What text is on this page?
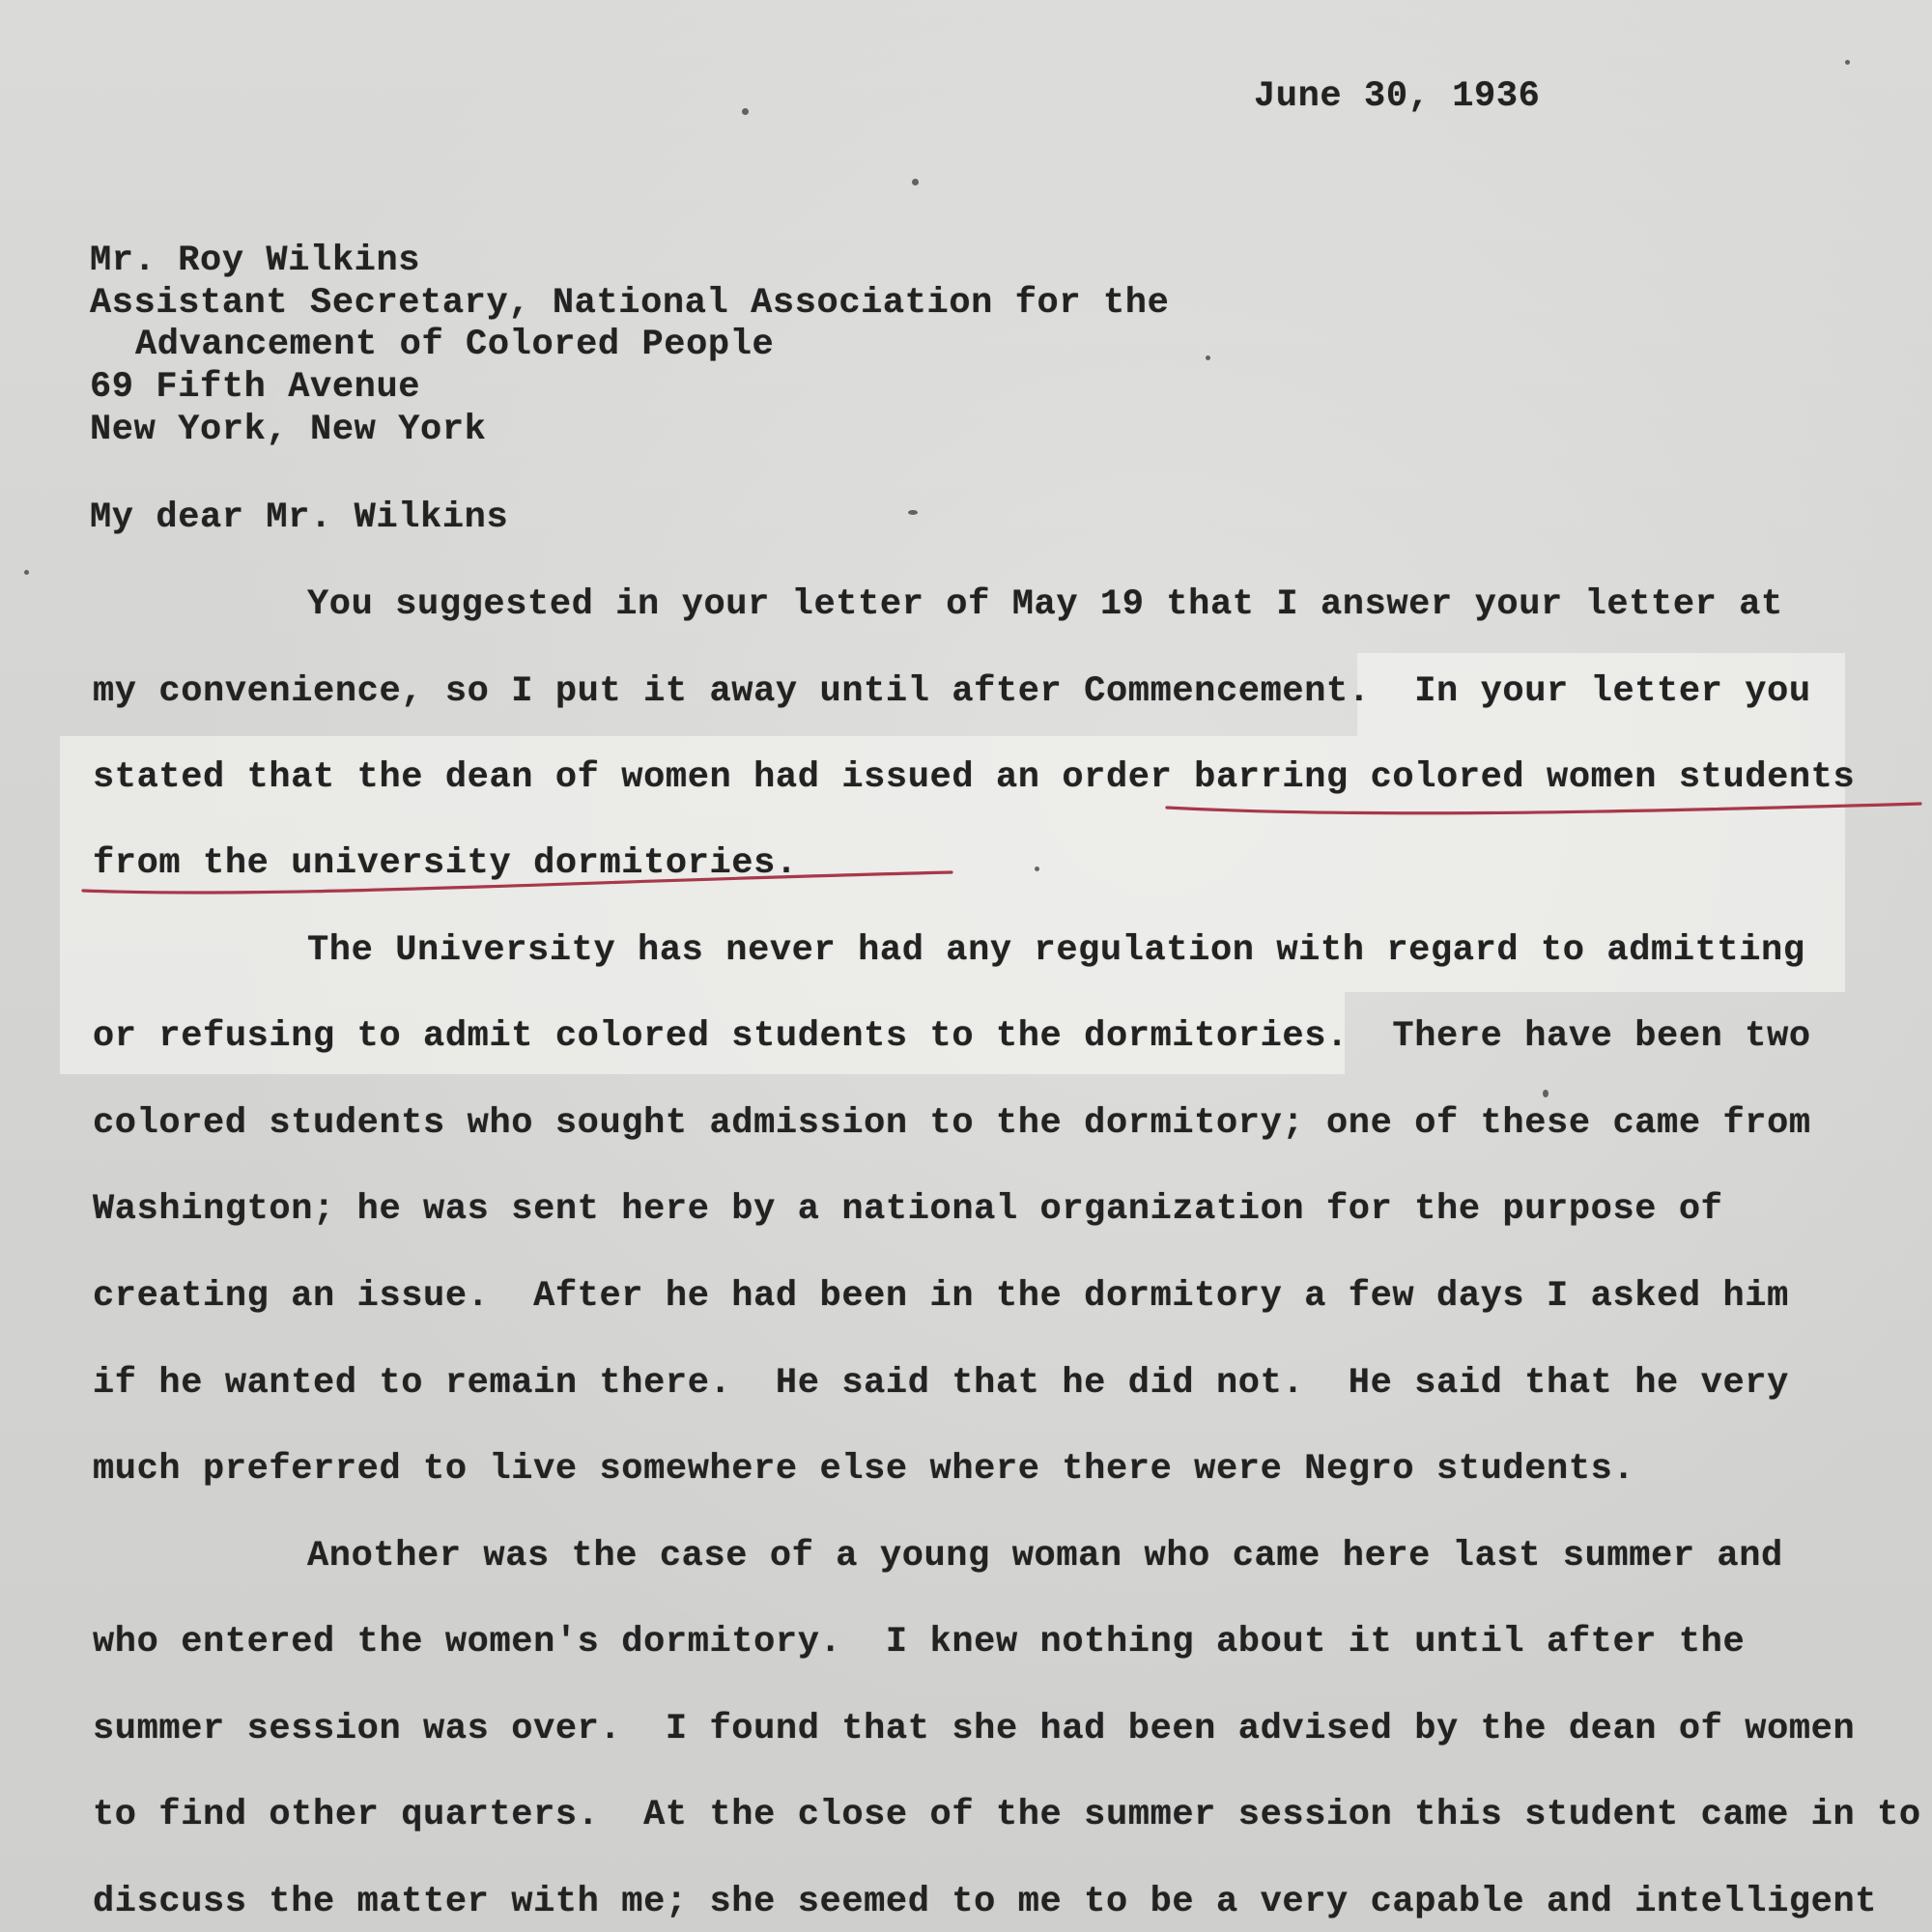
June 30, 1936

Mr. Roy Wilkins

Assistant Secretary, National Association for the

Advancement of Colored People

69 Fifth Avenue

New York, New York

My dear Mr. Wilkins

You suggested in your letter of May 19 that I answer your letter at

my convenience, so I put it away until after Commencement.  In your letter you

stated that the dean of women had issued an order barring colored women students

from the university dormitories.

The University has never had any regulation with regard to admitting

or refusing to admit colored students to the dormitories.  There have been two

colored students who sought admission to the dormitory; one of these came from

Washington; he was sent here by a national organization for the purpose of

creating an issue.  After he had been in the dormitory a few days I asked him

if he wanted to remain there.  He said that he did not.  He said that he very

much preferred to live somewhere else where there were Negro students.

Another was the case of a young woman who came here last summer and

who entered the women's dormitory.  I knew nothing about it until after the

summer session was over.  I found that she had been advised by the dean of women

to find other quarters.  At the close of the summer session this student came in to

discuss the matter with me; she seemed to me to be a very capable and intelligent
